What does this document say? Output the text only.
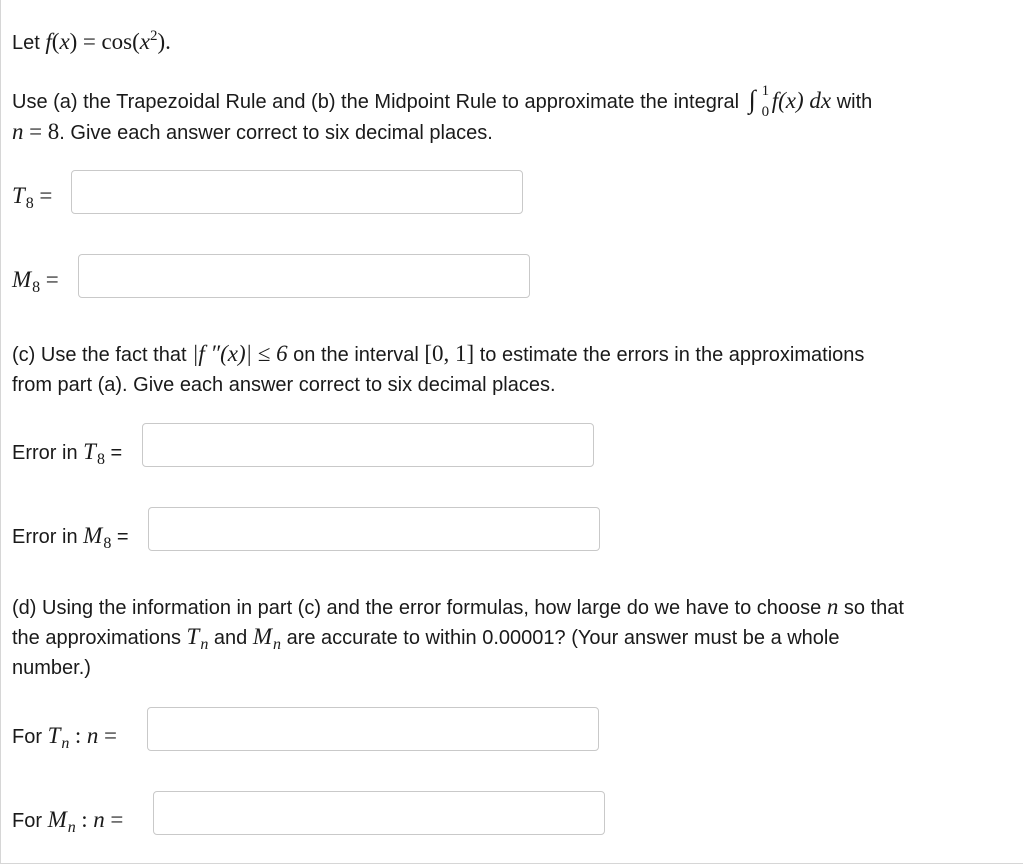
Let $f(x) = \cos(x^2)$.
Use (a) the Trapezoidal Rule and (b) the Midpoint Rule to approximate the integral ∫ 1
0 f(x) dx with
n = 8. Give each answer correct to six decimal places.
$T_8$ =
$M_8$ =
(c) Use the fact that |f ″(x)| ≤ 6 on the interval [0, 1] to estimate the errors in the approximations
from part (a). Give each answer correct to six decimal places.
Error in $T_8$ =
Error in $M_8$ =
(d) Using the information in part (c) and the error formulas, how large do we have to choose n so that
the approximations $T_n$ and $M_n$ are accurate to within 0.00001? (Your answer must be a whole
number.)
For $T_n$ : n =
For $M_n$ : n =
